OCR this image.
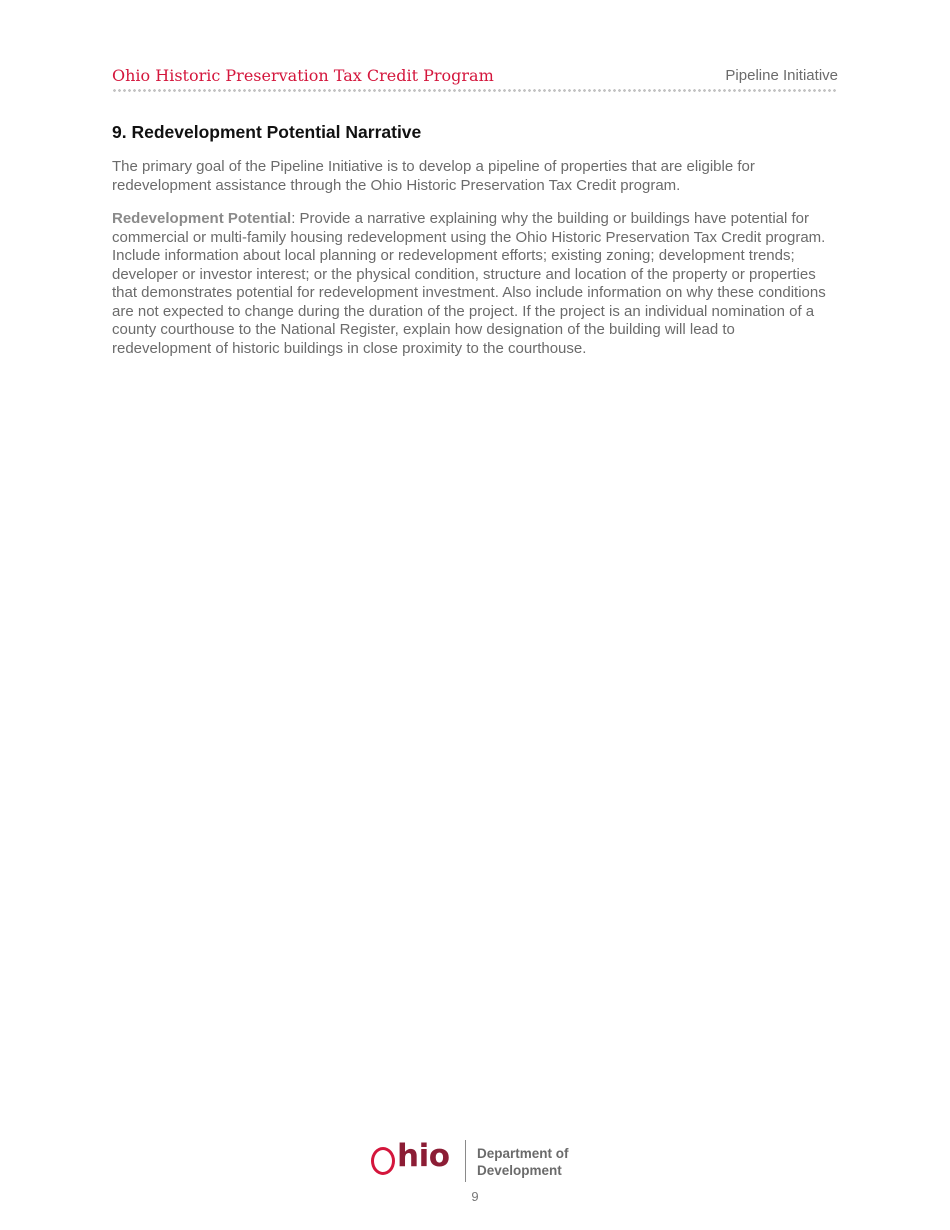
Ohio Historic Preservation Tax Credit Program	Pipeline Initiative
9. Redevelopment Potential Narrative

The primary goal of the Pipeline Initiative is to develop a pipeline of properties that are eligible for redevelopment assistance through the Ohio Historic Preservation Tax Credit program.

Redevelopment Potential: Provide a narrative explaining why the building or buildings have potential for commercial or multi-family housing redevelopment using the Ohio Historic Preservation Tax Credit program. Include information about local planning or redevelopment efforts; existing zoning; development trends; developer or investor interest; or the physical condition, structure and location of the property or properties that demonstrates potential for redevelopment investment. Also include information on why these conditions are not expected to change during the duration of the project. If the project is an individual nomination of a county courthouse to the National Register, explain how designation of the building will lead to redevelopment of historic buildings in close proximity to the courthouse.

hio Department of
Development
9
